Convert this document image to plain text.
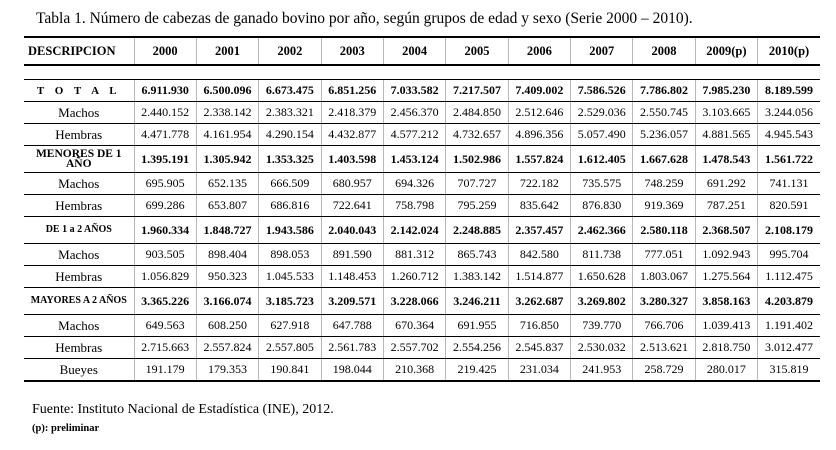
Tabla 1. Número de cabezas de ganado bovino por año, según grupos de edad y sexo (Serie 2000 – 2010).
DESCRIPCION	2000	2001	2002	2003	2004	2005	2006	2007	2008	2009(p)	2010(p)

T O T A L	6.911.930	6.500.096	6.673.475	6.851.256	7.033.582	7.217.507	7.409.002	7.586.526	7.786.802	7.985.230	8.189.599
Machos	2.440.152	2.338.142	2.383.321	2.418.379	2.456.370	2.484.850	2.512.646	2.529.036	2.550.745	3.103.665	3.244.056
Hembras	4.471.778	4.161.954	4.290.154	4.432.877	4.577.212	4.732.657	4.896.356	5.057.490	5.236.057	4.881.565	4.945.543
MENORES DE 1 AÑO	1.395.191	1.305.942	1.353.325	1.403.598	1.453.124	1.502.986	1.557.824	1.612.405	1.667.628	1.478.543	1.561.722
Machos	695.905	652.135	666.509	680.957	694.326	707.727	722.182	735.575	748.259	691.292	741.131
Hembras	699.286	653.807	686.816	722.641	758.798	795.259	835.642	876.830	919.369	787.251	820.591
DE 1 a 2 AÑOS	1.960.334	1.848.727	1.943.586	2.040.043	2.142.024	2.248.885	2.357.457	2.462.366	2.580.118	2.368.507	2.108.179
Machos	903.505	898.404	898.053	891.590	881.312	865.743	842.580	811.738	777.051	1.092.943	995.704
Hembras	1.056.829	950.323	1.045.533	1.148.453	1.260.712	1.383.142	1.514.877	1.650.628	1.803.067	1.275.564	1.112.475
MAYORES A 2 AÑOS	3.365.226	3.166.074	3.185.723	3.209.571	3.228.066	3.246.211	3.262.687	3.269.802	3.280.327	3.858.163	4.203.879
Machos	649.563	608.250	627.918	647.788	670.364	691.955	716.850	739.770	766.706	1.039.413	1.191.402
Hembras	2.715.663	2.557.824	2.557.805	2.561.783	2.557.702	2.554.256	2.545.837	2.530.032	2.513.621	2.818.750	3.012.477
Bueyes	191.179	179.353	190.841	198.044	210.368	219.425	231.034	241.953	258.729	280.017	315.819
Fuente: Instituto Nacional de Estadística (INE), 2012.
(p): preliminar
